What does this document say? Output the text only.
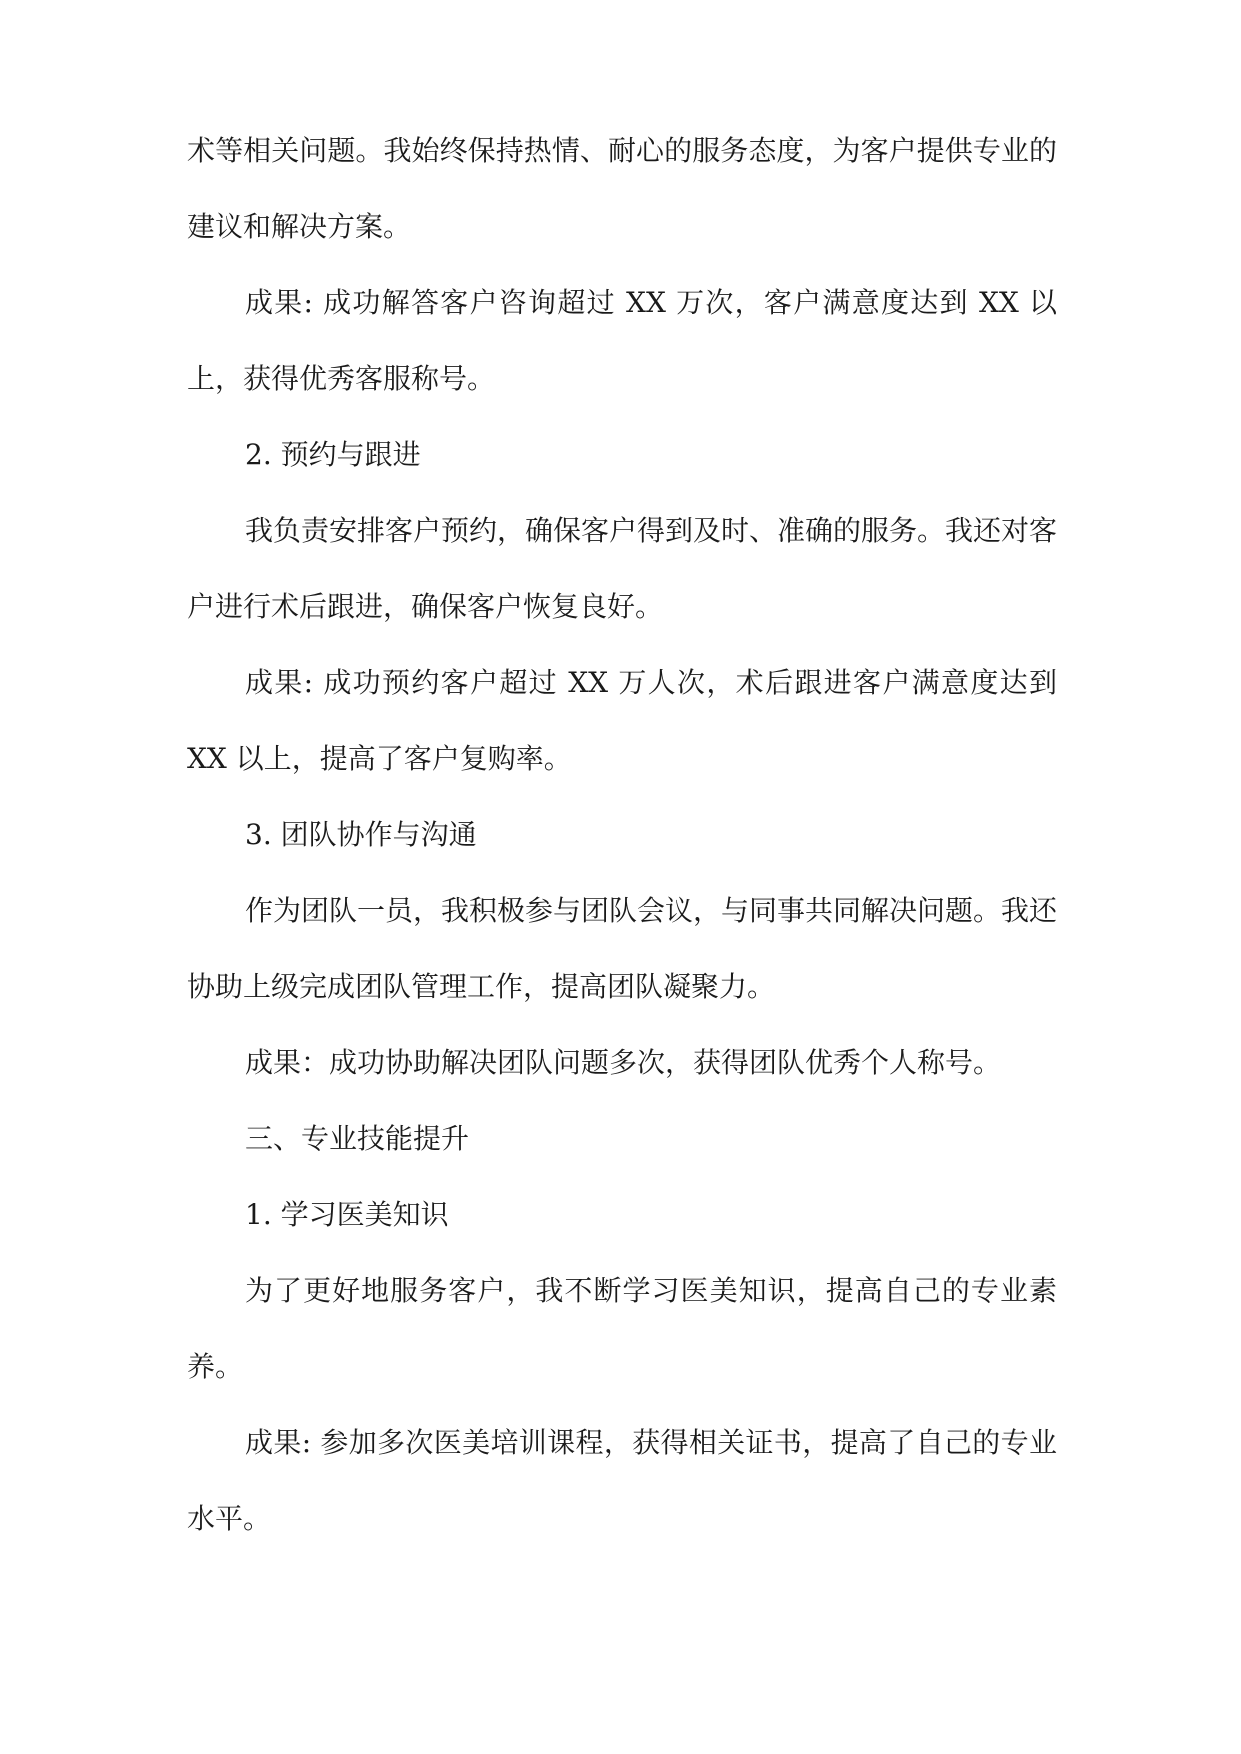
术等相关问题。我始终保持热情、耐心的服务态度，为客户提供专业的建议和解决方案。

成果: 成功解答客户咨询超过 XX 万次，客户满意度达到 XX 以上，获得优秀客服称号。

2. 预约与跟进

我负责安排客户预约，确保客户得到及时、准确的服务。我还对客户进行术后跟进，确保客户恢复良好。

成果: 成功预约客户超过 XX 万人次，术后跟进客户满意度达到 XX 以上，提高了客户复购率。

3. 团队协作与沟通

作为团队一员，我积极参与团队会议，与同事共同解决问题。我还协助上级完成团队管理工作，提高团队凝聚力。

成果：成功协助解决团队问题多次，获得团队优秀个人称号。

三、专业技能提升

1. 学习医美知识

为了更好地服务客户，我不断学习医美知识，提高自己的专业素养。

成果: 参加多次医美培训课程，获得相关证书，提高了自己的专业水平。
